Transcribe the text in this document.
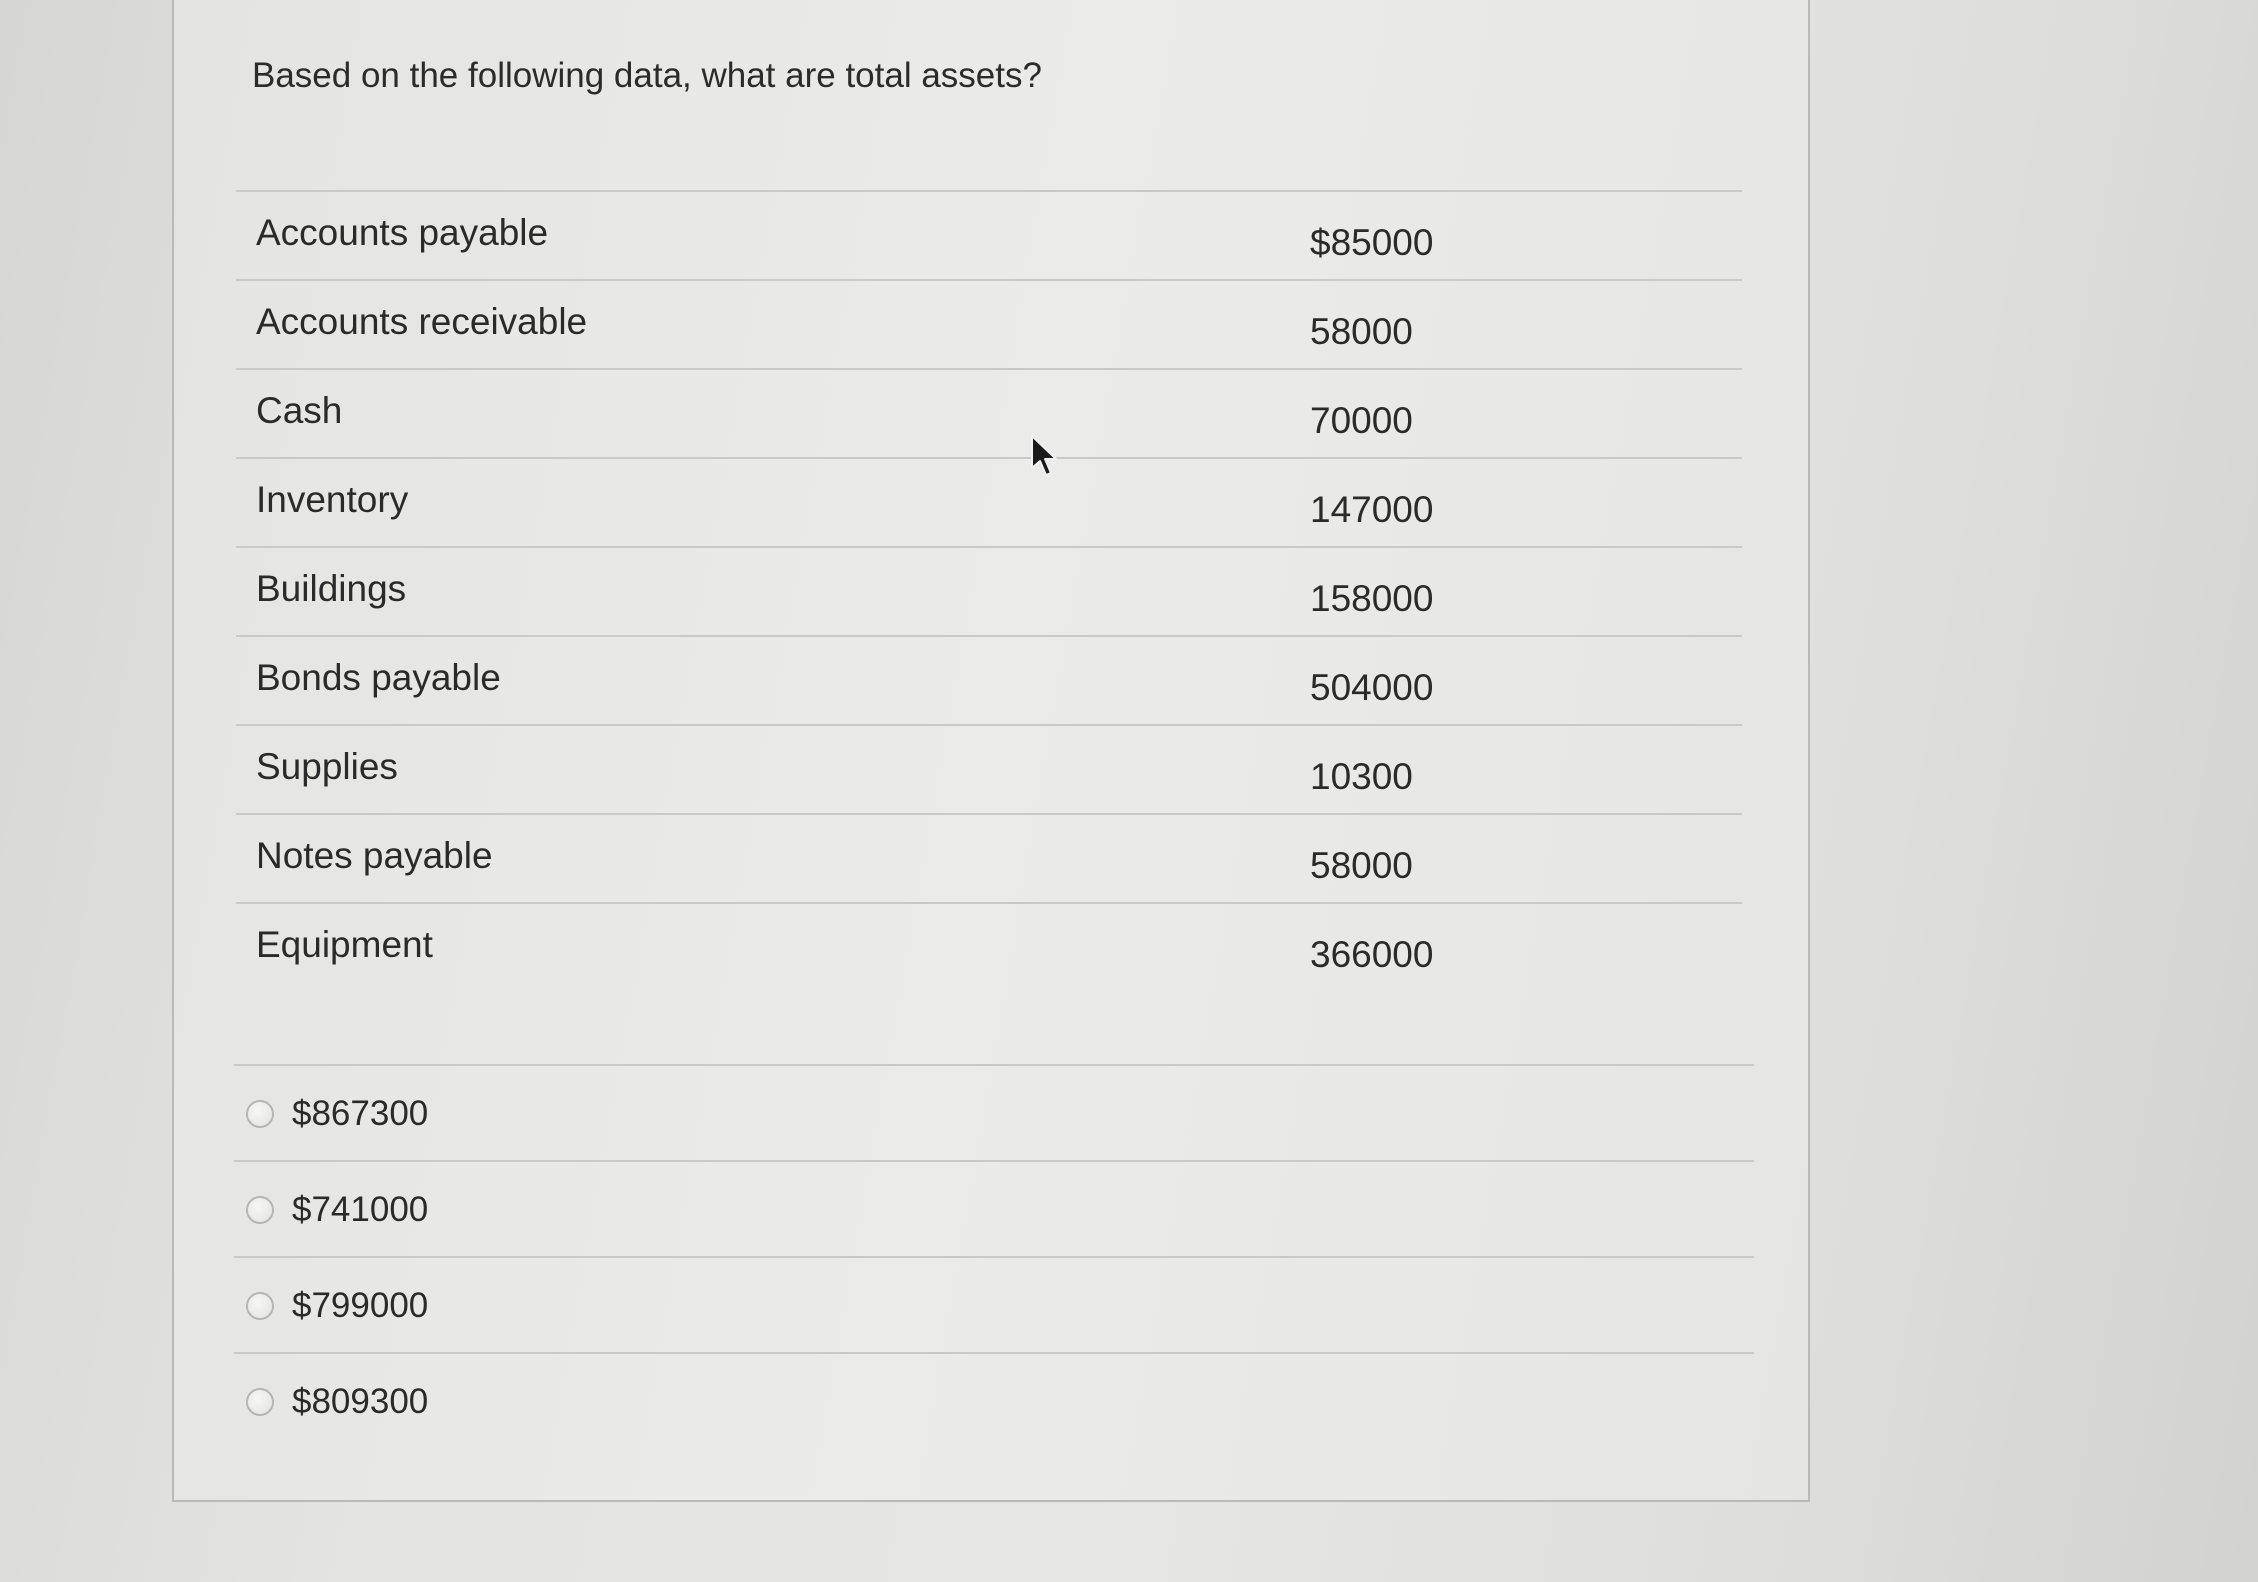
Based on the following data, what are total assets?
Accounts payable	$85000
Accounts receivable	58000
Cash	70000
Inventory	147000
Buildings	158000
Bonds payable	504000
Supplies	10300
Notes payable	58000
Equipment	366000
$867300
$741000
$799000
$809300
